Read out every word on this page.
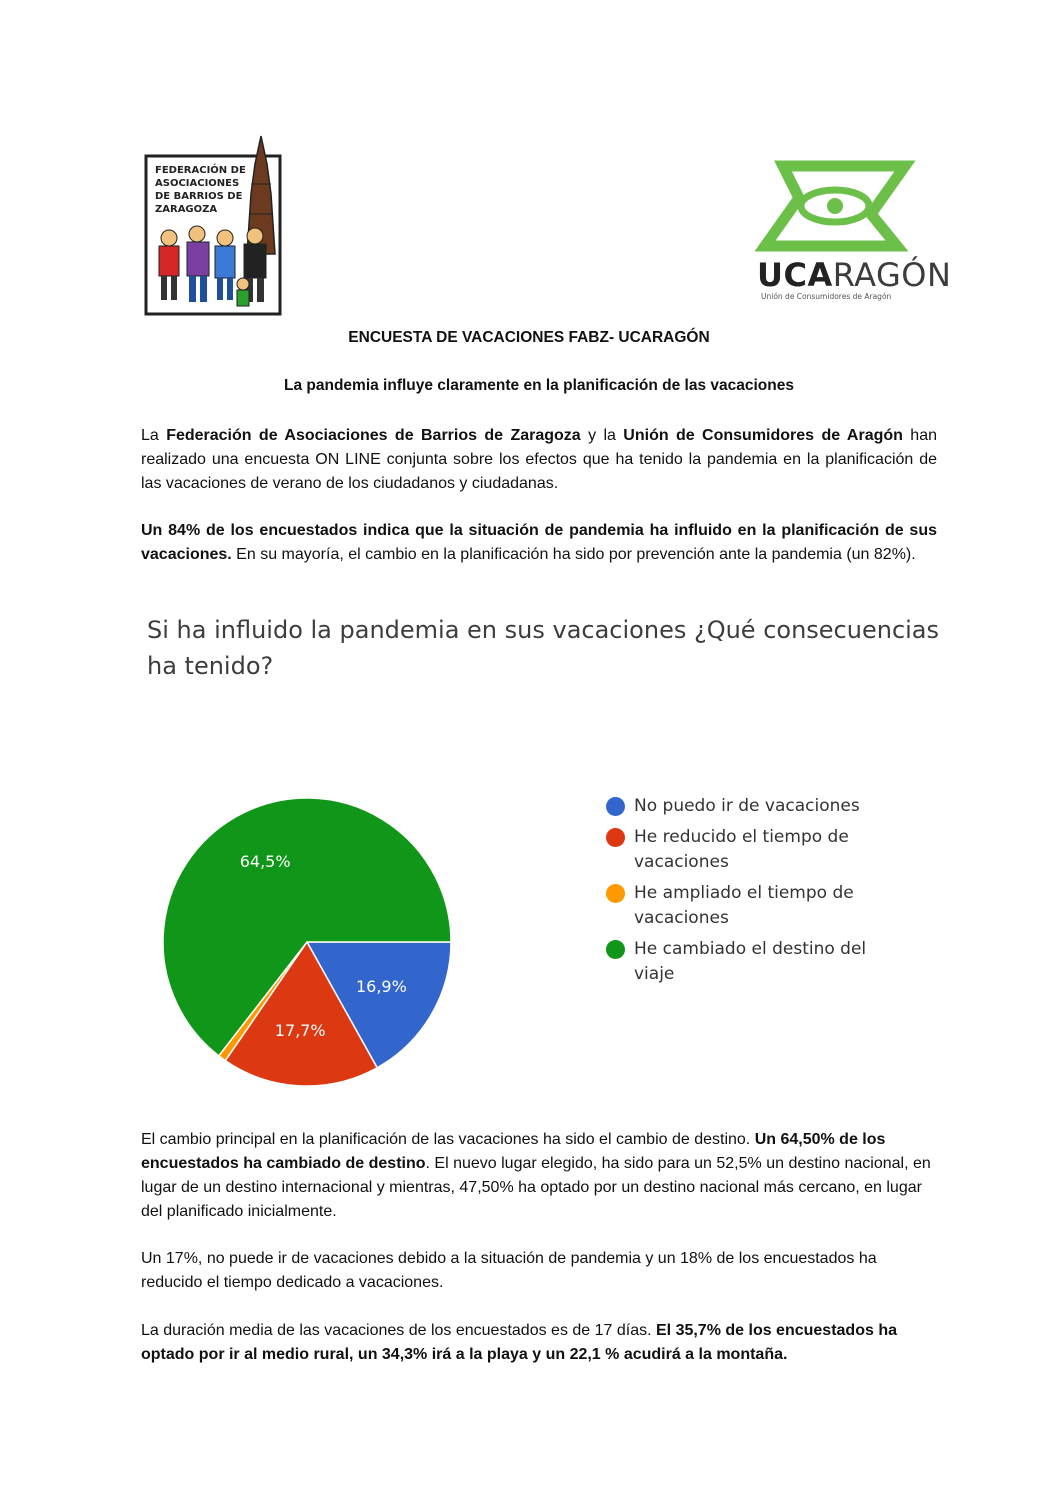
FEDERACIÓN DE ASOCIACIONES DE BARRIOS DE ZARAGOZA
UCARAGÓN
Unión de Consumidores de Aragón
ENCUESTA DE VACACIONES FABZ- UCARAGÓN
La pandemia influye claramente en la planificación de las vacaciones
La Federación de Asociaciones de Barrios de Zaragoza y la Unión de Consumidores de Aragón han realizado una encuesta ON LINE conjunta sobre los efectos que ha tenido la pandemia en la planificación de las vacaciones de verano de los ciudadanos y ciudadanas.
Un 84% de los encuestados indica que la situación de pandemia ha influido en la planificación de sus vacaciones. En su mayoría, el cambio en la planificación ha sido por prevención ante la pandemia (un 82%).
Si ha influido la pandemia en sus vacaciones ¿Qué consecuencias ha tenido?
16,9%
17,7%
64,5%
No puedo ir de vacaciones
He reducido el tiempo de vacaciones
He ampliado el tiempo de vacaciones
He cambiado el destino del viaje
El cambio principal en la planificación de las vacaciones ha sido el cambio de destino. Un 64,50% de los encuestados ha cambiado de destino. El nuevo lugar elegido, ha sido para un 52,5% un destino nacional, en lugar de un destino internacional y mientras, 47,50% ha optado por un destino nacional más cercano, en lugar del planificado inicialmente.
Un 17%, no puede ir de vacaciones debido a la situación de pandemia y un 18% de los encuestados ha reducido el tiempo dedicado a vacaciones.
La duración media de las vacaciones de los encuestados es de 17 días. El 35,7% de los encuestados ha optado por ir al medio rural, un 34,3% irá a la playa y un 22,1 % acudirá a la montaña.
